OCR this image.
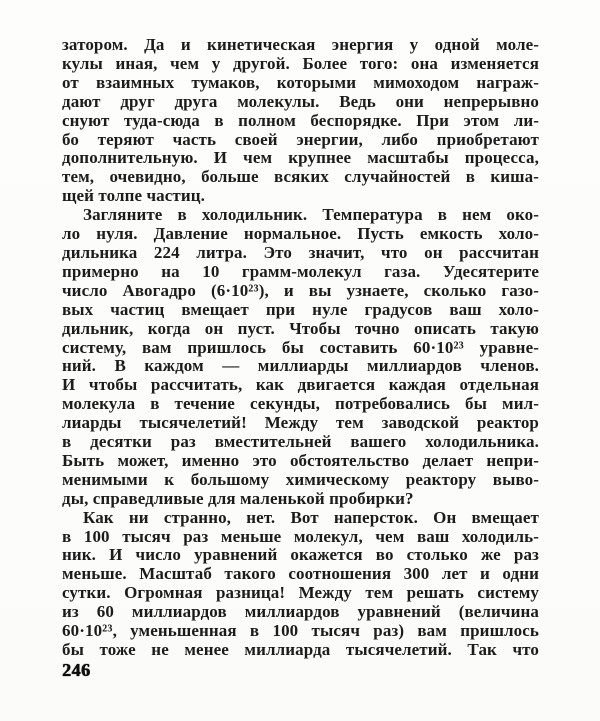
затором. Да и кинетическая энергия у одной моле-
кулы иная, чем у другой. Более того: она изменяется
от взаимных тумаков, которыми мимоходом награж-
дают друг друга молекулы. Ведь они непрерывно
снуют туда-сюда в полном беспорядке. При этом ли-
бо теряют часть своей энергии, либо приобретают
дополнительную. И чем крупнее масштабы процесса,
тем, очевидно, больше всяких случайностей в киша-
щей толпе частиц.
Загляните в холодильник. Температура в нем око-
ло нуля. Давление нормальное. Пусть емкость холо-
дильника 224 литра. Это значит, что он рассчитан
примерно на 10 грамм-молекул газа. Удесятерите
число Авогадро (6·10²³), и вы узнаете, сколько газо-
вых частиц вмещает при нуле градусов ваш холо-
дильник, когда он пуст. Чтобы точно описать такую
систему, вам пришлось бы составить 60·10²³ уравне-
ний. В каждом — миллиарды миллиардов членов.
И чтобы рассчитать, как двигается каждая отдельная
молекула в течение секунды, потребовались бы мил-
лиарды тысячелетий! Между тем заводской реактор
в десятки раз вместительней вашего холодильника.
Быть может, именно это обстоятельство делает непри-
менимыми к большому химическому реактору выво-
ды, справедливые для маленькой пробирки?
Как ни странно, нет. Вот наперсток. Он вмещает
в 100 тысяч раз меньше молекул, чем ваш холодиль-
ник. И число уравнений окажется во столько же раз
меньше. Масштаб такого соотношения 300 лет и одни
сутки. Огромная разница! Между тем решать систему
из 60 миллиардов миллиардов уравнений (величина
60·10²³, уменьшенная в 100 тысяч раз) вам пришлось
бы тоже не менее миллиарда тысячелетий. Так что
246
